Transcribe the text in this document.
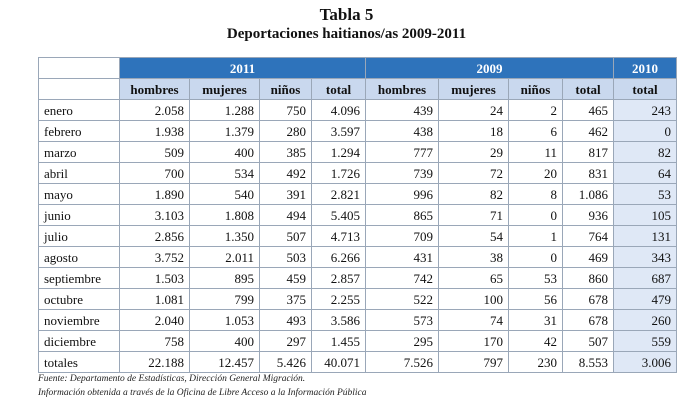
Tabla 5
Deportaciones haitianos/as 2009-2011
	2011				2009				2010
	hombres	mujeres	niños	total	hombres	mujeres	niños	total	total
enero	2.058	1.288	750	4.096	439	24	2	465	243
febrero	1.938	1.379	280	3.597	438	18	6	462	0
marzo	509	400	385	1.294	777	29	11	817	82
abril	700	534	492	1.726	739	72	20	831	64
mayo	1.890	540	391	2.821	996	82	8	1.086	53
junio	3.103	1.808	494	5.405	865	71	0	936	105
julio	2.856	1.350	507	4.713	709	54	1	764	131
agosto	3.752	2.011	503	6.266	431	38	0	469	343
septiembre	1.503	895	459	2.857	742	65	53	860	687
octubre	1.081	799	375	2.255	522	100	56	678	479
noviembre	2.040	1.053	493	3.586	573	74	31	678	260
diciembre	758	400	297	1.455	295	170	42	507	559
totales	22.188	12.457	5.426	40.071	7.526	797	230	8.553	3.006
Fuente: Departamento de Estadísticas, Dirección General Migración.
Información obtenida a través de la Oficina de Libre Acceso a la Información Pública
